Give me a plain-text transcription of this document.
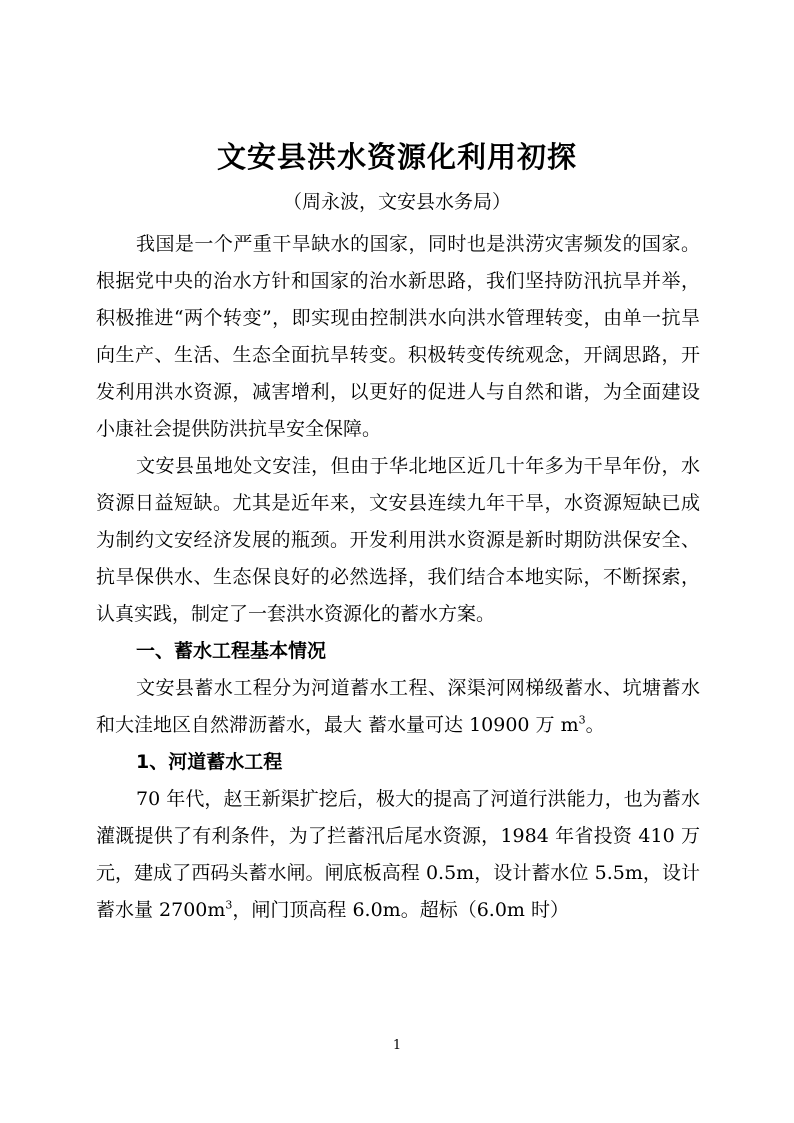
文安县洪水资源化利用初探
（周永波，文安县水务局）

我国是一个严重干旱缺水的国家，同时也是洪涝灾害频发的国家。根据党中央的治水方针和国家的治水新思路，我们坚持防汛抗旱并举，积极推进“两个转变”，即实现由控制洪水向洪水管理转变，由单一抗旱向生产、生活、生态全面抗旱转变。积极转变传统观念，开阔思路，开发利用洪水资源，减害增利，以更好的促进人与自然和谐，为全面建设小康社会提供防洪抗旱安全保障。

文安县虽地处文安洼，但由于华北地区近几十年多为干旱年份，水资源日益短缺。尤其是近年来，文安县连续九年干旱，水资源短缺已成为制约文安经济发展的瓶颈。开发利用洪水资源是新时期防洪保安全、抗旱保供水、生态保良好的必然选择，我们结合本地实际，不断探索，认真实践，制定了一套洪水资源化的蓄水方案。

一、蓄水工程基本情况

文安县蓄水工程分为河道蓄水工程、深渠河网梯级蓄水、坑塘蓄水和大洼地区自然滞沥蓄水，最大 蓄水量可达 10900 万 $m^3$。

1、河道蓄水工程

70 年代，赵王新渠扩挖后，极大的提高了河道行洪能力，也为蓄水灌溉提供了有利条件，为了拦蓄汛后尾水资源，1984 年省投资 410 万元，建成了西码头蓄水闸。闸底板高程 0.5m，设计蓄水位 5.5m，设计蓄水量 $2700m^3$，闸门顶高程 6.0m。超标（6.0m 时）

1
